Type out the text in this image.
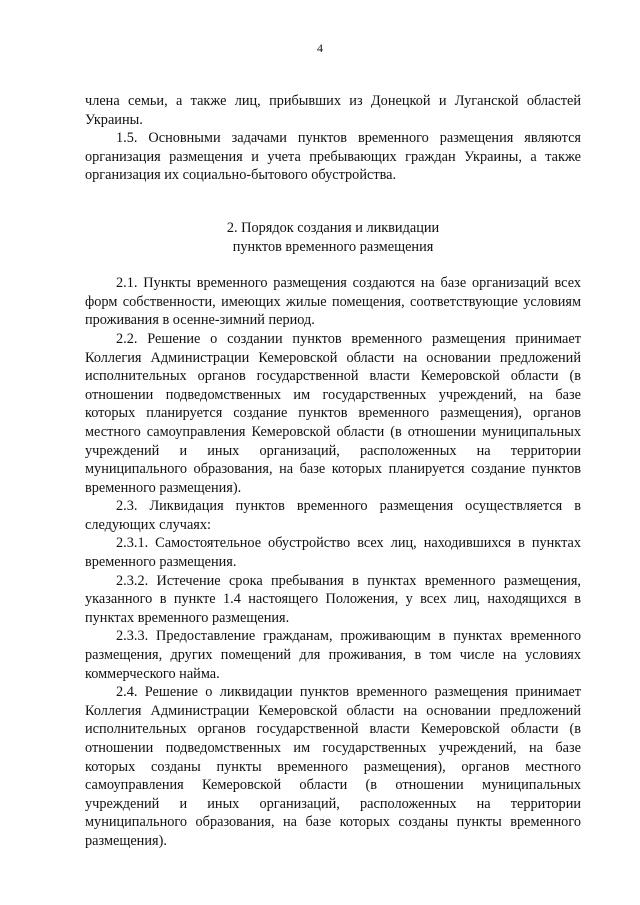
4

члена семьи, а также лиц, прибывших из Донецкой и Луганской областей Украины.

1.5. Основными задачами пунктов временного размещения являются организация размещения и учета пребывающих граждан Украины, а также организация их социально-бытового обустройства.

2. Порядок создания и ликвидации

пунктов временного размещения

2.1. Пункты временного размещения создаются на базе организаций всех форм собственности, имеющих жилые помещения, соответствующие условиям проживания в осенне-зимний период.

2.2. Решение о создании пунктов временного размещения принимает Коллегия Администрации Кемеровской области на основании предложений исполнительных органов государственной власти Кемеровской области (в отношении подведомственных им государственных учреждений, на базе которых планируется создание пунктов временного размещения), органов местного самоуправления Кемеровской области (в отношении муниципальных учреждений и иных организаций, расположенных на территории муниципального образования, на базе которых планируется создание пунктов временного размещения).

2.3. Ликвидация пунктов временного размещения осуществляется в следующих случаях:

2.3.1. Самостоятельное обустройство всех лиц, находившихся в пунктах временного размещения.

2.3.2. Истечение срока пребывания в пунктах временного размещения, указанного в пункте 1.4 настоящего Положения, у всех лиц, находящихся в пунктах временного размещения.

2.3.3. Предоставление гражданам, проживающим в пунктах временного размещения, других помещений для проживания, в том числе на условиях коммерческого найма.

2.4. Решение о ликвидации пунктов временного размещения принимает Коллегия Администрации Кемеровской области на основании предложений исполнительных органов государственной власти Кемеровской области (в отношении подведомственных им государственных учреждений, на базе которых созданы пункты временного размещения), органов местного самоуправления Кемеровской области (в отношении муниципальных учреждений и иных организаций, расположенных на территории муниципального образования, на базе которых созданы пункты временного размещения).
